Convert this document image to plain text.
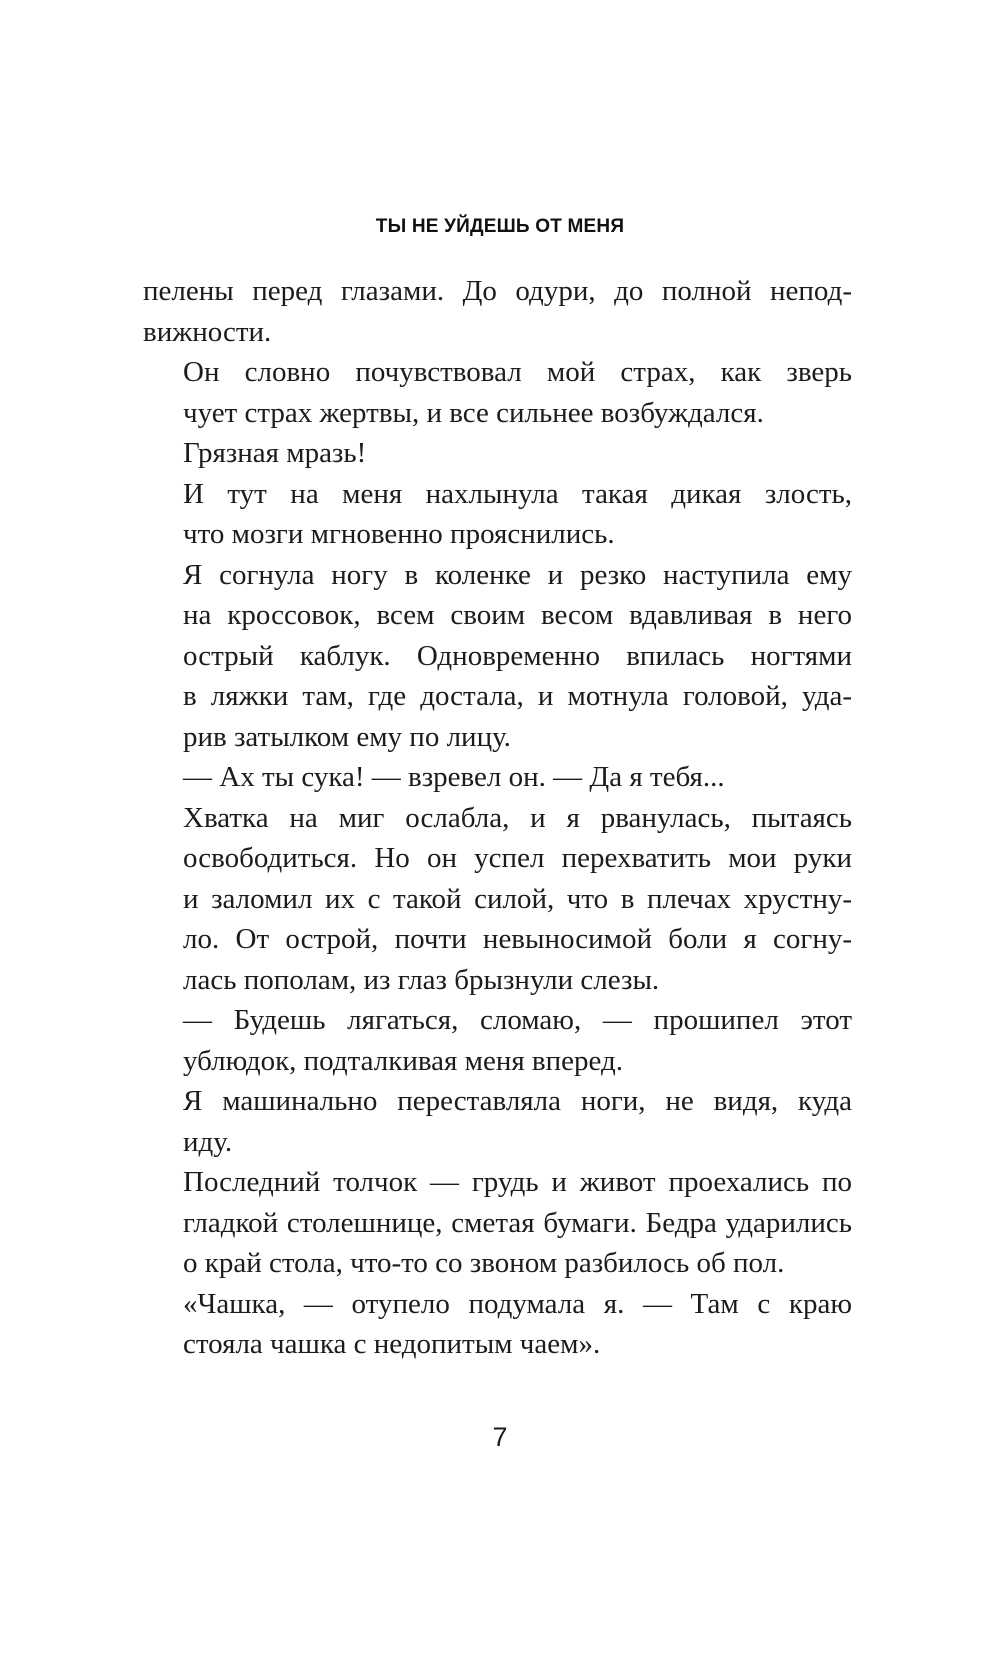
ТЫ НЕ УЙДЕШЬ ОТ МЕНЯ

пелены перед глазами. До одури, до полной непод-
вижности.

Он словно почувствовал мой страх, как зверь
чует страх жертвы, и все сильнее возбуждался.

Грязная мразь!

И тут на меня нахлынула такая дикая злость,
что мозги мгновенно прояснились.

Я согнула ногу в коленке и резко наступила ему
на кроссовок, всем своим весом вдавливая в него
острый каблук. Одновременно впилась ногтями
в ляжки там, где достала, и мотнула головой, уда-
рив затылком ему по лицу.

— Ах ты сука! — взревел он. — Да я тебя...

Хватка на миг ослабла, и я рванулась, пытаясь
освободиться. Но он успел перехватить мои руки
и заломил их с такой силой, что в плечах хрустну-
ло. От острой, почти невыносимой боли я согну-
лась пополам, из глаз брызнули слезы.

— Будешь лягаться, сломаю, — прошипел этот
ублюдок, подталкивая меня вперед.

Я машинально переставляла ноги, не видя, куда
иду.

Последний толчок — грудь и живот проехались по
гладкой столешнице, сметая бумаги. Бедра ударились
о край стола, что-то со звоном разбилось об пол.

«Чашка, — отупело подумала я. — Там с краю
стояла чашка с недопитым чаем».

7
